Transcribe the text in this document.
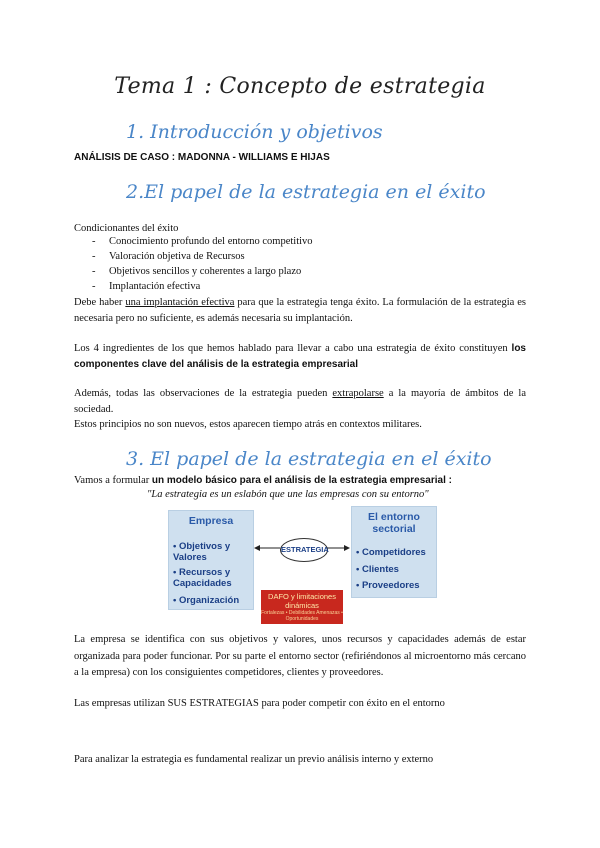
Tema 1 : Concepto de estrategia
1. Introducción y objetivos
ANÁLISIS DE CASO : MADONNA - WILLIAMS E HIJAS
2.El papel de la estrategia en el éxito
Condicionantes del éxito
- Conocimiento profundo del entorno competitivo
- Valoración objetiva de Recursos
- Objetivos sencillos y coherentes a largo plazo
- Implantación efectiva
Debe haber una implantación efectiva para que la estrategia tenga éxito. La formulación de la estrategia es necesaria pero no suficiente, es además necesaria su implantación.
Los 4 ingredientes de los que hemos hablado para llevar a cabo una estrategia de éxito constituyen los componentes clave del análisis de la estrategia empresarial
Además, todas las observaciones de la estrategia pueden extrapolarse a la mayoría de ámbitos de la sociedad.
Estos principios no son nuevos, estos aparecen tiempo atrás en contextos militares.
3. El papel de la estrategia en el éxito
Vamos a formular un modelo básico para el análisis de la estrategia empresarial :
"La estrategia es un eslabón que une las empresas con su entorno"
Empresa
• Objetivos y Valores
• Recursos y Capacidades
• Organización
ESTRATEGIA
El entorno sectorial
• Competidores
• Clientes
• Proveedores
DAFO y limitaciones dinámicas
Fortalezas • Debilidades Amenazas • Oportunidades
La empresa se identifica con sus objetivos y valores, unos recursos y capacidades además de estar organizada para poder funcionar. Por su parte el entorno sector (refiriéndonos al microentorno más cercano a la empresa) con los consiguientes competidores, clientes y proveedores.
Las empresas utilizan SUS ESTRATEGIAS para poder competir con éxito en el entorno
Para analizar la estrategia es fundamental realizar un previo análisis interno y externo
